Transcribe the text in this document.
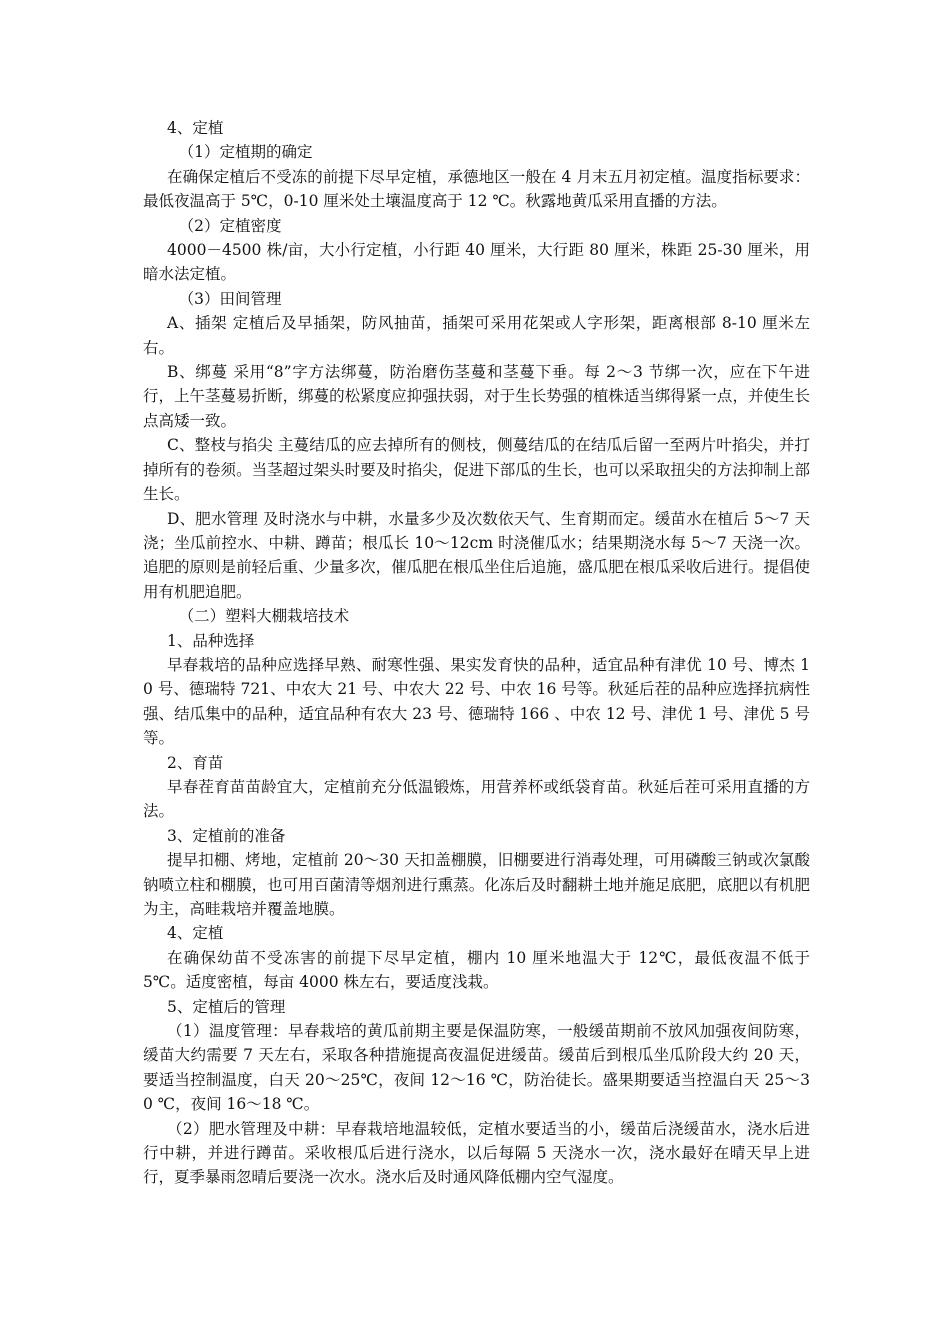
4、定植
（1）定植期的确定

在确保定植后不受冻的前提下尽早定植，承德地区一般在 4 月末五月初定植。温度指标要求：最低夜温高于 5℃，0-10 厘米处土壤温度高于 12 ℃。秋露地黄瓜采用直播的方法。

（2）定植密度

4000－4500 株/亩，大小行定植，小行距 40 厘米，大行距 80 厘米，株距 25-30 厘米，用暗水法定植。

（3）田间管理

A、插架 定植后及早插架，防风抽苗，插架可采用花架或人字形架，距离根部 8-10 厘米左右。

B、绑蔓 采用“8”字方法绑蔓，防治磨伤茎蔓和茎蔓下垂。每 2～3 节绑一次，应在下午进行，上午茎蔓易折断，绑蔓的松紧度应抑强扶弱，对于生长势强的植株适当绑得紧一点，并使生长点高矮一致。

C、整枝与掐尖 主蔓结瓜的应去掉所有的侧枝，侧蔓结瓜的在结瓜后留一至两片叶掐尖，并打掉所有的卷须。当茎超过架头时要及时掐尖，促进下部瓜的生长，也可以采取扭尖的方法抑制上部生长。

D、肥水管理 及时浇水与中耕，水量多少及次数依天气、生育期而定。缓苗水在植后 5～7 天浇；坐瓜前控水、中耕、蹲苗；根瓜长 10～12cm 时浇催瓜水；结果期浇水每 5～7 天浇一次。追肥的原则是前轻后重、少量多次，催瓜肥在根瓜坐住后追施，盛瓜肥在根瓜采收后进行。提倡使用有机肥追肥。

（二）塑料大棚栽培技术
1、品种选择

早春栽培的品种应选择早熟、耐寒性强、果实发育快的品种，适宜品种有津优 10 号、博杰 10 号、德瑞特 721、中农大 21 号、中农大 22 号、中农 16 号等。秋延后茬的品种应选择抗病性强、结瓜集中的品种，适宜品种有农大 23 号、德瑞特 166 、中农 12 号、津优 1 号、津优 5 号等。

2、育苗

早春茬育苗苗龄宜大，定植前充分低温锻炼，用营养杯或纸袋育苗。秋延后茬可采用直播的方法。

3、定植前的准备

提早扣棚、烤地，定植前 20～30 天扣盖棚膜，旧棚要进行消毒处理，可用磷酸三钠或次氯酸钠喷立柱和棚膜，也可用百菌清等烟剂进行熏蒸。化冻后及时翻耕土地并施足底肥，底肥以有机肥为主，高畦栽培并覆盖地膜。

4、定植

在确保幼苗不受冻害的前提下尽早定植，棚内 10 厘米地温大于 12℃，最低夜温不低于 5℃。适度密植，每亩 4000 株左右，要适度浅栽。

5、定植后的管理

（1）温度管理：早春栽培的黄瓜前期主要是保温防寒，一般缓苗期前不放风加强夜间防寒，缓苗大约需要 7 天左右，采取各种措施提高夜温促进缓苗。缓苗后到根瓜坐瓜阶段大约 20 天，要适当控制温度，白天 20～25℃，夜间 12～16 ℃，防治徒长。盛果期要适当控温白天 25～30 ℃，夜间 16～18 ℃。

（2）肥水管理及中耕：早春栽培地温较低，定植水要适当的小，缓苗后浇缓苗水，浇水后进行中耕，并进行蹲苗。采收根瓜后进行浇水，以后每隔 5 天浇水一次，浇水最好在晴天早上进行，夏季暴雨忽晴后要浇一次水。浇水后及时通风降低棚内空气湿度。
